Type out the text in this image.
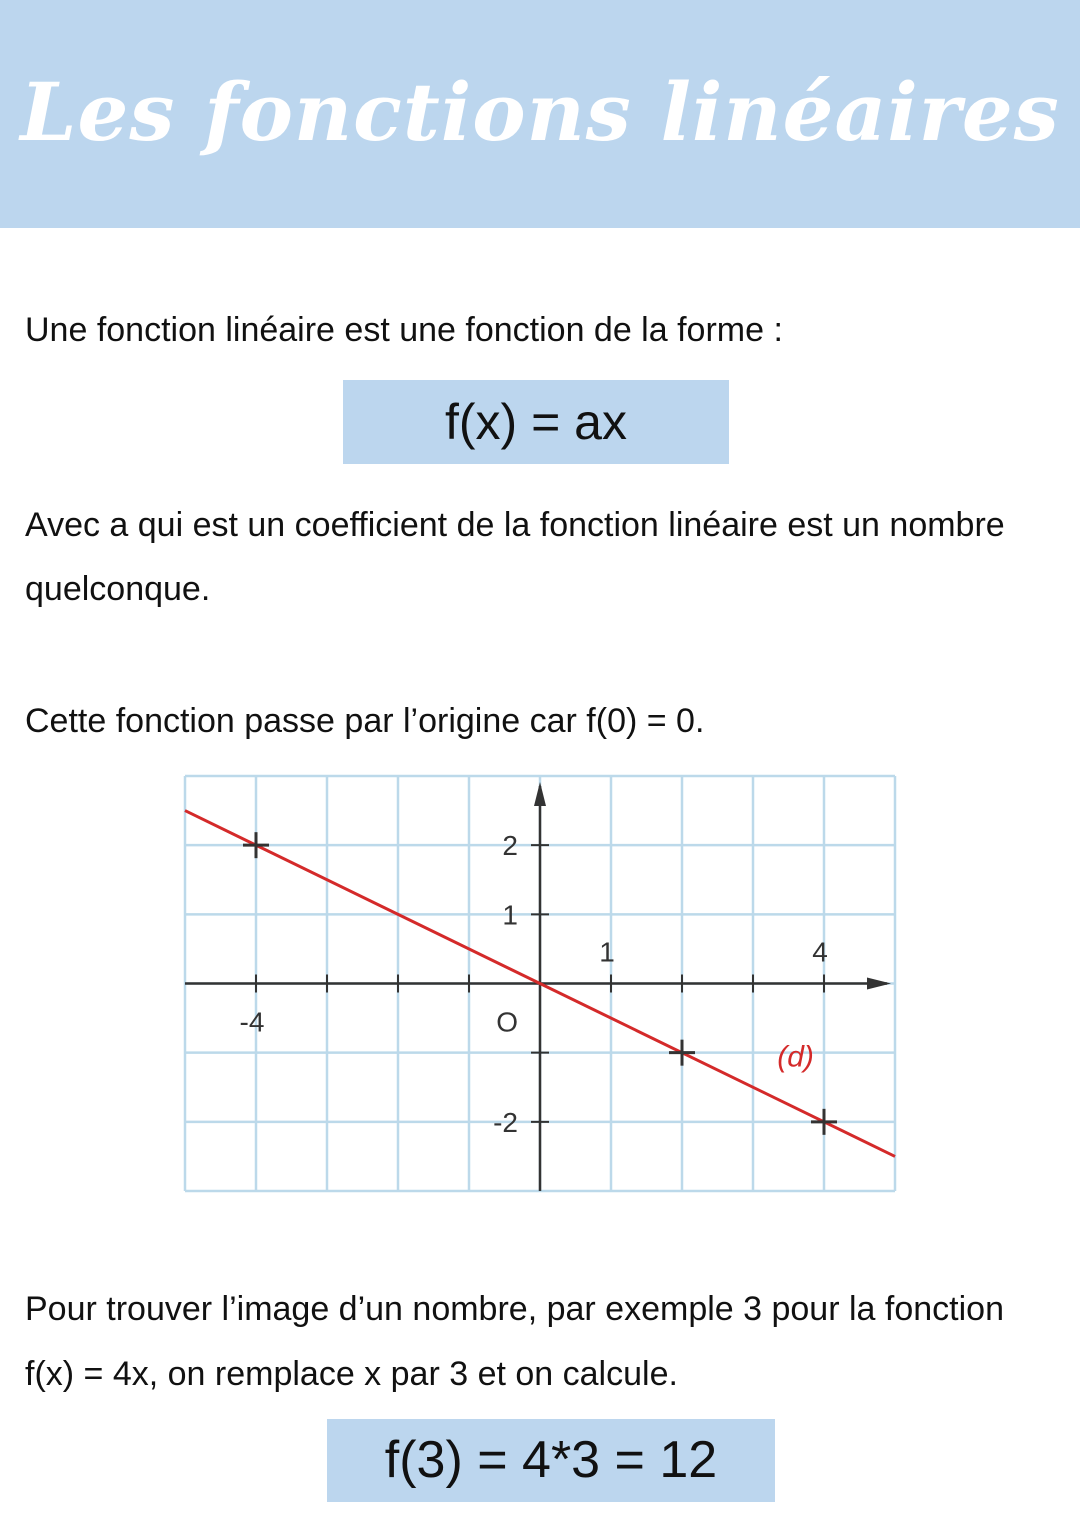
Les fonctions linéaires
Une fonction linéaire est une fonction de la forme :
f(x) = ax
Avec a qui est un coefficient de la fonction linéaire est un nombre
quelconque.
Cette fonction passe par l’origine car f(0) = 0.
-4
1	4
2
1
-2
O
(d)
Pour trouver l’image d’un nombre, par exemple 3 pour la fonction
f(x) = 4x, on remplace x par 3 et on calcule.
f(3) = 4*3 = 12
